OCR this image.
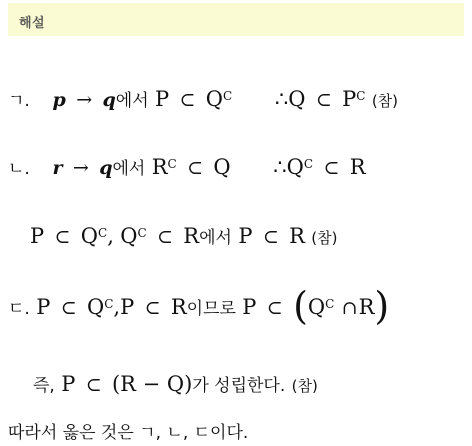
해설
ㄱ. p → q에서 P ⊂ $Q^C$ ∴Q ⊂ $P^C$ (참)
ㄴ. r → q에서 $R^C$ ⊂ Q $\therefore Q^C$ ⊂ R
P ⊂ $Q^C$, $Q^C$ ⊂ R에서 P ⊂ R (참)
ㄷ. P ⊂ $Q^C,P$ ⊂ R이므로 P ⊂ ($Q^C$ ∩R)
즉, P ⊂ (R − Q)가 성립한다. (참)
따라서 옳은 것은 ㄱ, ㄴ, ㄷ이다.
